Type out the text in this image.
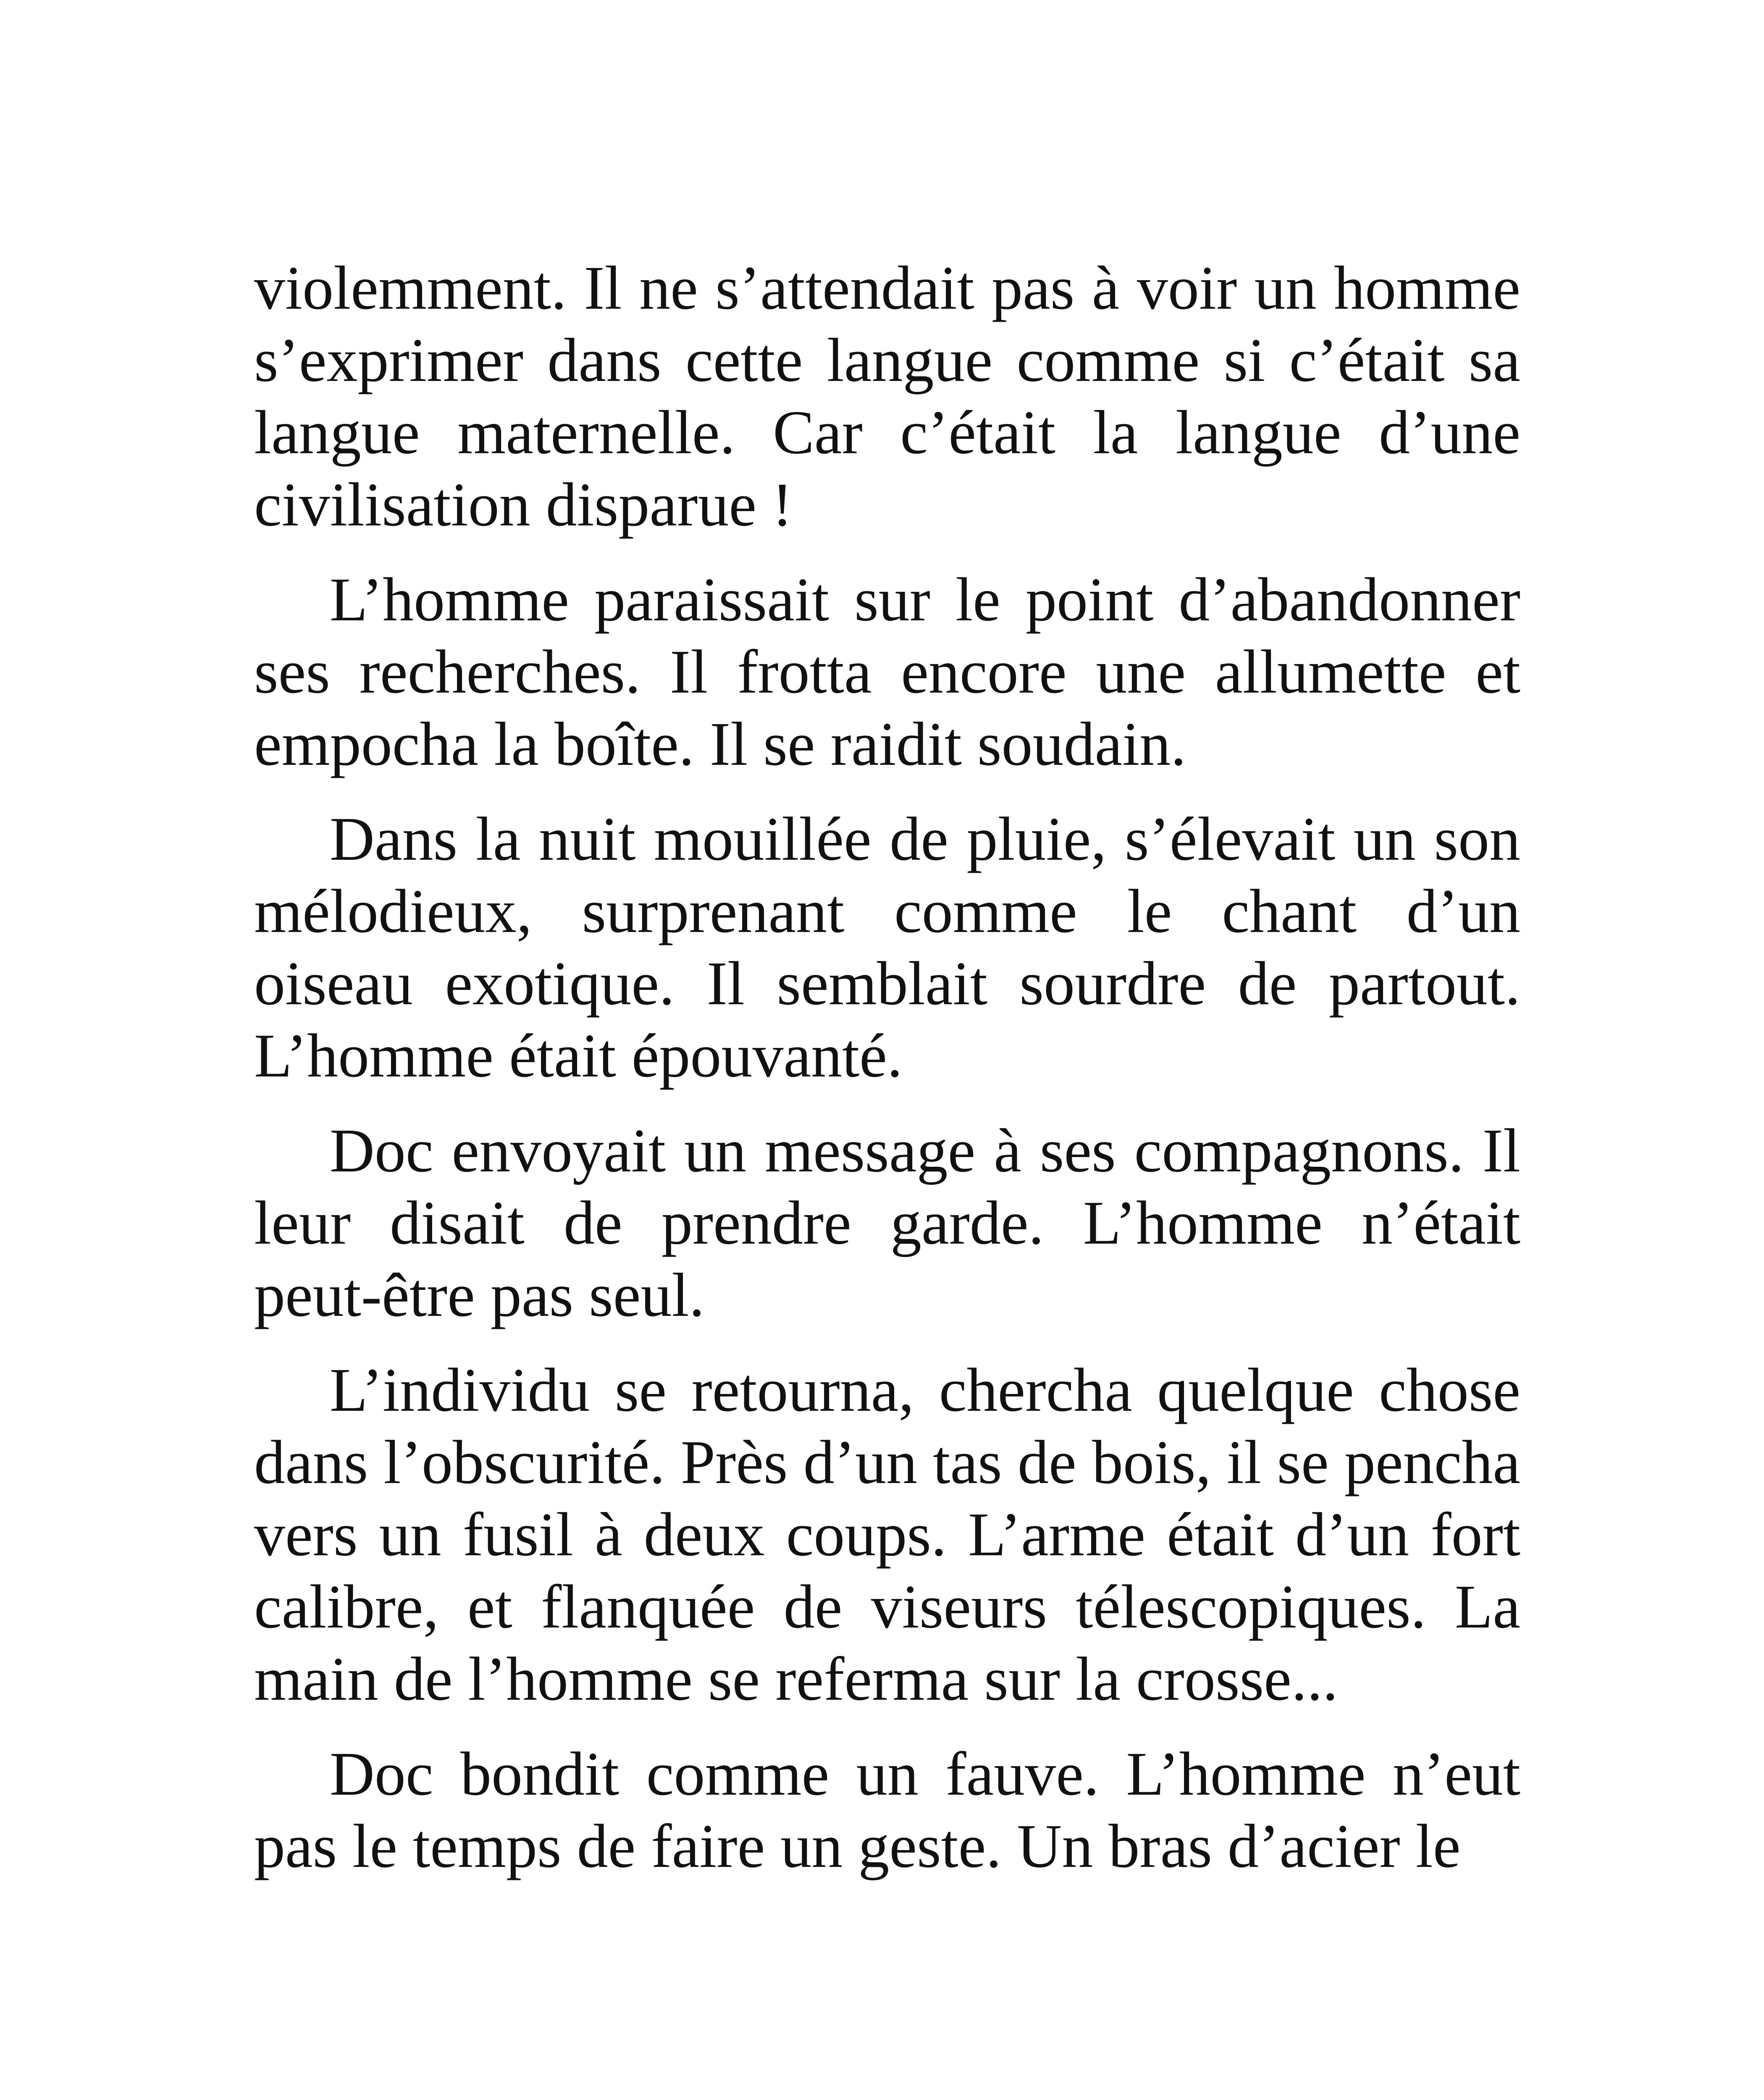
violemment. Il ne s’attendait pas à voir un homme s’exprimer dans cette langue comme si c’était sa langue maternelle. Car c’était la langue d’une civilisation disparue !

L’homme paraissait sur le point d’abandonner ses recherches. Il frotta encore une allumette et empocha la boîte. Il se raidit soudain.

Dans la nuit mouillée de pluie, s’élevait un son mélodieux, surprenant comme le chant d’un oiseau exotique. Il semblait sourdre de partout. L’homme était épouvanté.

Doc envoyait un message à ses compagnons. Il leur disait de prendre garde. L’homme n’était peut-être pas seul.

L’individu se retourna, chercha quelque chose dans l’obscurité. Près d’un tas de bois, il se pencha vers un fusil à deux coups. L’arme était d’un fort calibre, et flanquée de viseurs télescopiques. La main de l’homme se referma sur la crosse...

Doc bondit comme un fauve. L’homme n’eut pas le temps de faire un geste. Un bras d’acier le
